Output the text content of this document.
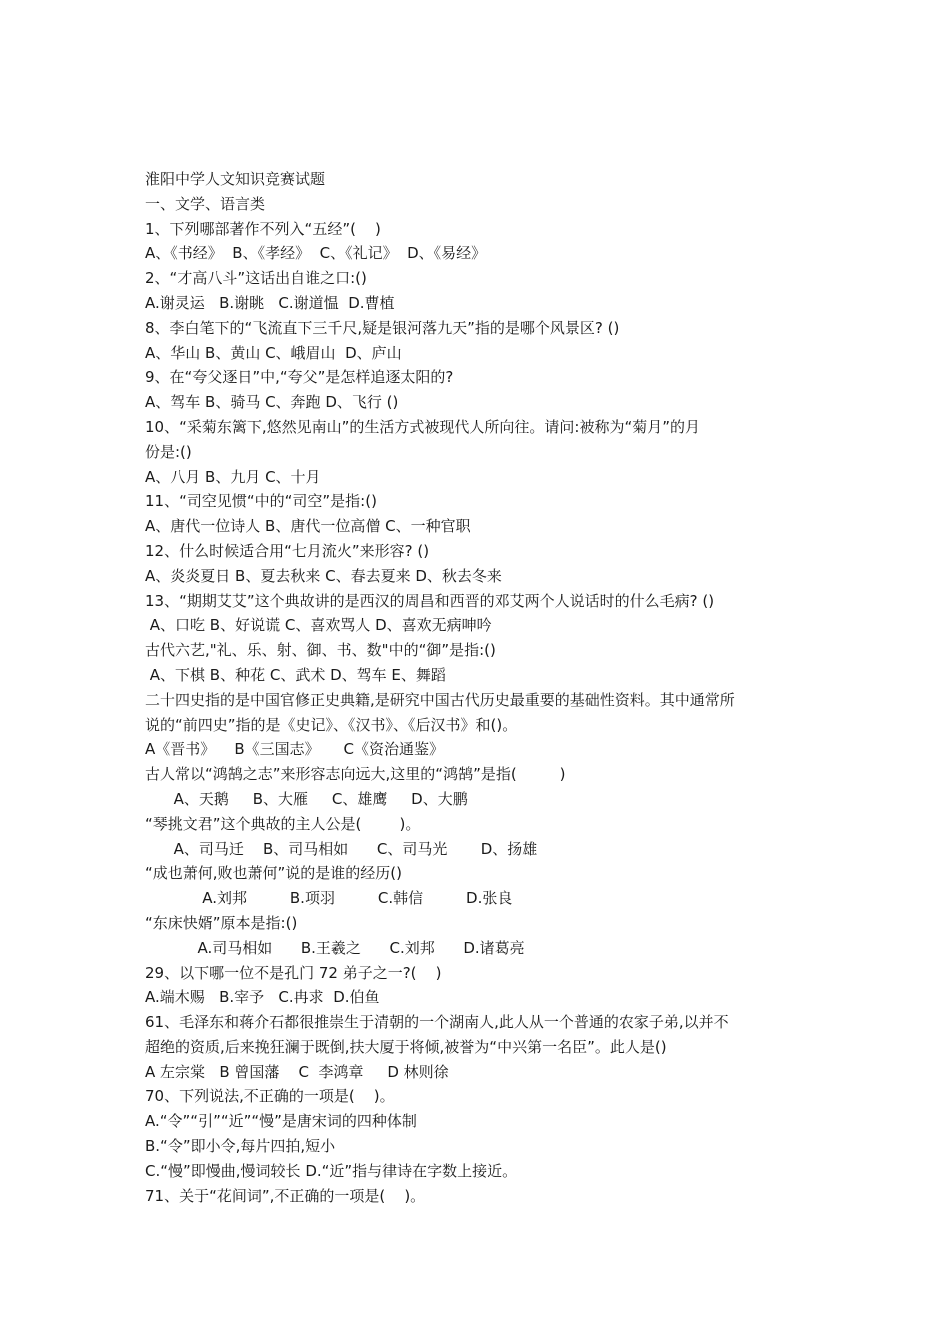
淮阳中学人文知识竞赛试题
一、文学、语言类
1、下列哪部著作不列入“五经”(    )
A、《书经》  B、《孝经》  C、《礼记》  D、《易经》
2、“才高八斗”这话出自谁之口:()
A.谢灵运   B.谢眺   C.谢道愠  D.曹植
8、李白笔下的“飞流直下三千尺,疑是银河落九天”指的是哪个风景区? ()
A、华山 B、黄山 C、峨眉山  D、庐山
9、在“夸父逐日”中,“夸父”是怎样追逐太阳的?
A、驾车 B、骑马 C、奔跑 D、飞行 ()
10、“采菊东篱下,悠然见南山”的生活方式被现代人所向往。请问:被称为“菊月”的月
份是:()
A、八月 B、九月 C、十月
11、“司空见惯“中的“司空”是指:()
A、唐代一位诗人 B、唐代一位高僧 C、一种官职
12、什么时候适合用“七月流火”来形容? ()
A、炎炎夏日 B、夏去秋来 C、春去夏来 D、秋去冬来
13、“期期艾艾”这个典故讲的是西汉的周昌和西晋的邓艾两个人说话时的什么毛病? ()
A、口吃 B、好说谎 C、喜欢骂人 D、喜欢无病呻吟
古代六艺,"礼、乐、射、御、书、数"中的“御”是指:()
A、下棋 B、种花 C、武术 D、驾车 E、舞蹈
二十四史指的是中国官修正史典籍,是研究中国古代历史最重要的基础性资料。其中通常所
说的“前四史”指的是《史记》、《汉书》、《后汉书》和()。
A《晋书》    B《三国志》     C《资治通鉴》
古人常以“鸿鹄之志”来形容志向远大,这里的“鸿鹄”是指(         )
A、天鹅     B、大雁     C、雄鹰     D、大鹏
“琴挑文君”这个典故的主人公是(        )。
A、司马迁    B、司马相如      C、司马光       D、扬雄
“成也萧何,败也萧何”说的是谁的经历()
A.刘邦         B.项羽         C.韩信         D.张良
“东床快婿”原本是指:()
A.司马相如      B.王羲之      C.刘邦      D.诸葛亮
29、以下哪一位不是孔门 72 弟子之一?(    )
A.端木赐   B.宰予   C.冉求  D.伯鱼
61、毛泽东和蒋介石都很推崇生于清朝的一个湖南人,此人从一个普通的农家子弟,以并不
超绝的资质,后来挽狂澜于既倒,扶大厦于将倾,被誉为“中兴第一名臣”。此人是()
A 左宗棠   B 曾国藩    C  李鸿章     D 林则徐
70、下列说法,不正确的一项是(    )。
A.“令”“引”“近”“慢”是唐宋词的四种体制
B.“令”即小令,每片四拍,短小
C.“慢”即慢曲,慢词较长 D.“近”指与律诗在字数上接近。
71、关于“花间词”,不正确的一项是(    )。
